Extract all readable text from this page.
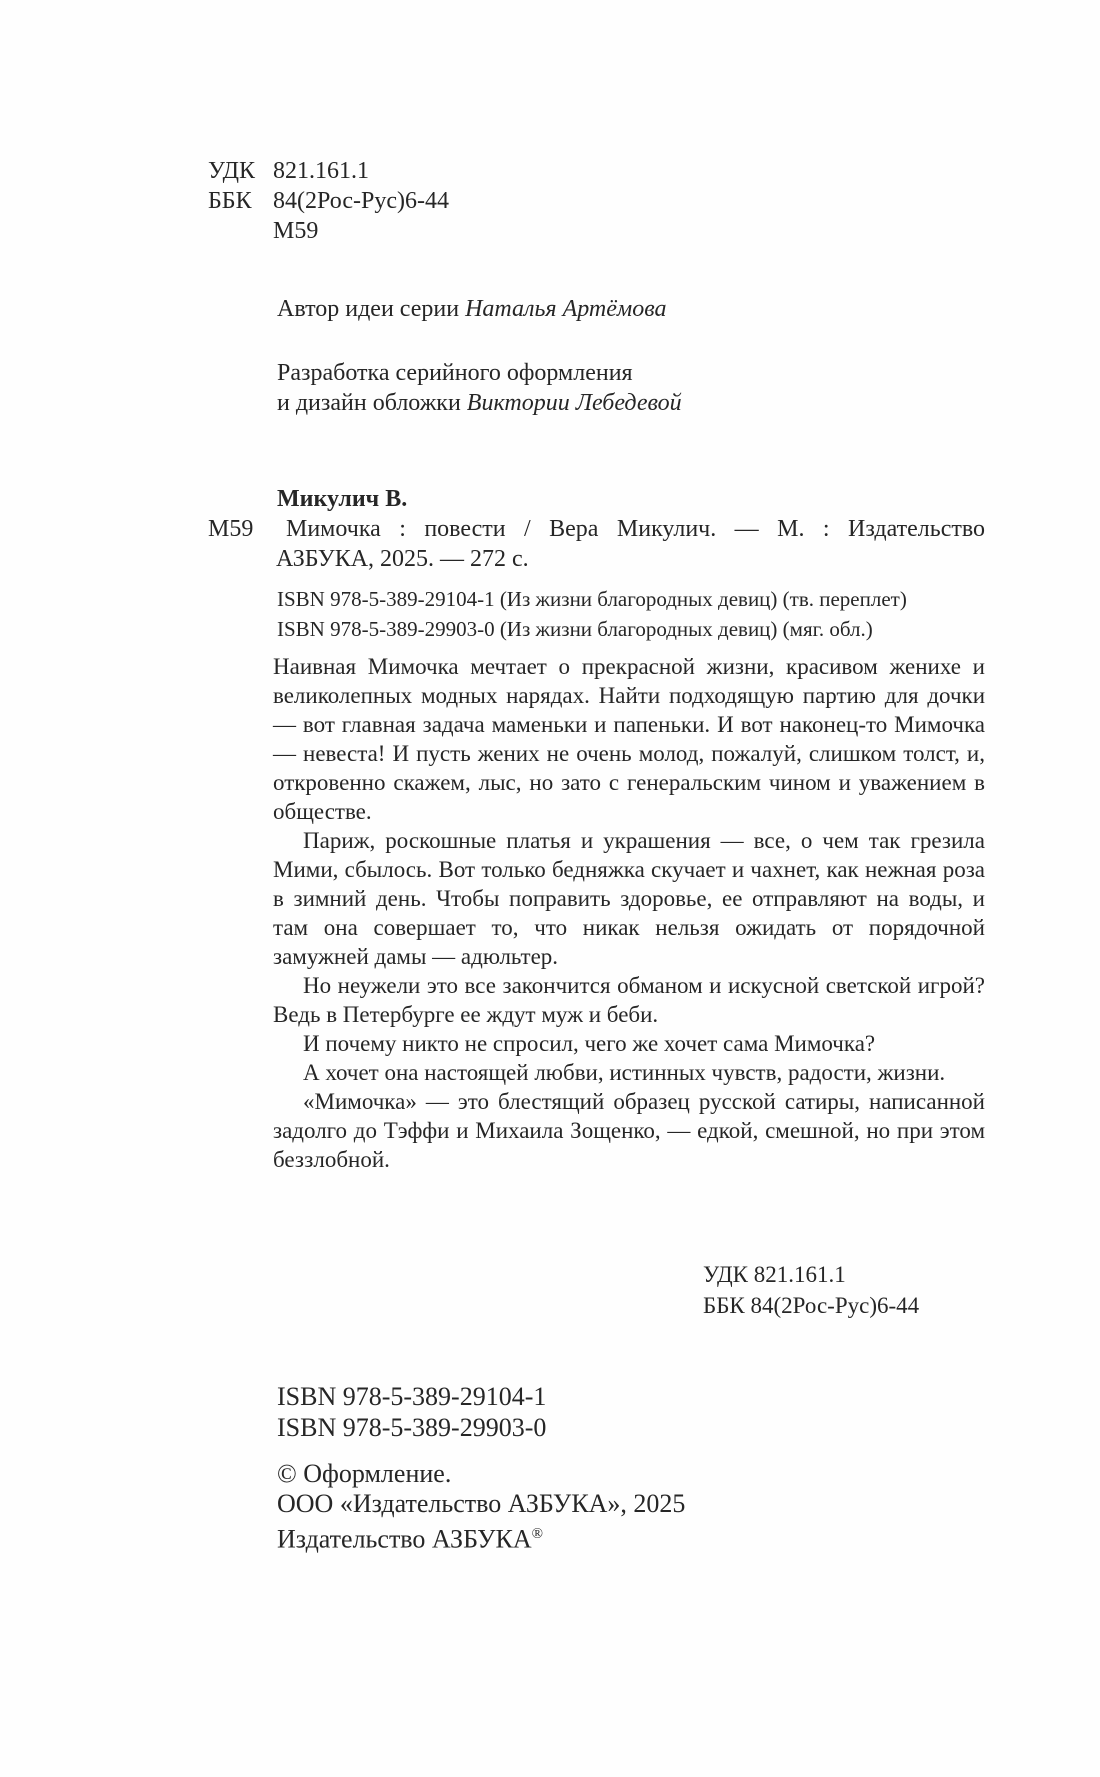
УДК 821.161.1
ББК 84(2Рос-Рус)6-44
М59
Автор идеи серии Наталья Артёмова
Разработка серийного оформления
и дизайн обложки Виктории Лебедевой
Микулич В.
М59	Мимочка : повести / Вера Микулич. — М. : Издательство
АЗБУКА, 2025. — 272 с.
ISBN 978-5-389-29104-1 (Из жизни благородных девиц) (тв. переплет)
ISBN 978-5-389-29903-0 (Из жизни благородных девиц) (мяг. обл.)

Наивная Мимочка мечтает о прекрасной жизни, красивом женихе и великолепных модных нарядах. Найти подходящую партию для дочки — вот главная задача маменьки и папеньки. И вот наконец-то Мимочка — невеста! И пусть жених не очень молод, пожалуй, слишком толст, и, откровенно скажем, лыс, но зато с генеральским чином и уважением в обществе.

Париж, роскошные платья и украшения — все, о чем так грезила Мими, сбылось. Вот только бедняжка скучает и чахнет, как нежная роза в зимний день. Чтобы поправить здоровье, ее отправляют на воды, и там она совершает то, что никак нельзя ожидать от порядочной замужней дамы — адюльтер.

Но неужели это все закончится обманом и искусной светской игрой? Ведь в Петербурге ее ждут муж и беби.

И почему никто не спросил, чего же хочет сама Мимочка?

А хочет она настоящей любви, истинных чувств, радости, жизни.

«Мимочка» — это блестящий образец русской сатиры, написанной задолго до Тэффи и Михаила Зощенко, — едкой, смешной, но при этом беззлобной.

УДК 821.161.1
ББК 84(2Рос-Рус)6-44
ISBN 978-5-389-29104-1
ISBN 978-5-389-29903-0
© Оформление.
ООО «Издательство АЗБУКА», 2025
Издательство АЗБУКА®
